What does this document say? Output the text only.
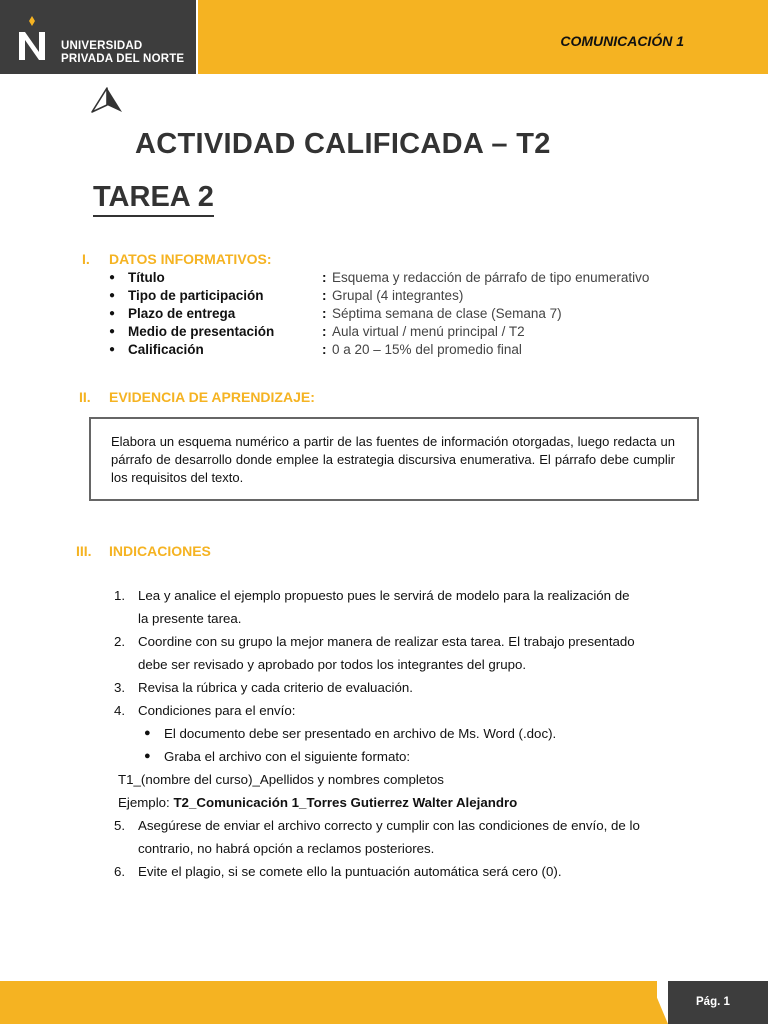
UNIVERSIDAD
PRIVADA DEL NORTE
COMUNICACIÓN 1
ACTIVIDAD CALIFICADA – T2
TAREA 2
I. DATOS INFORMATIVOS:
● Título	: Esquema y redacción de párrafo de tipo enumerativo
● Tipo de participación	: Grupal (4 integrantes)
● Plazo de entrega	: Séptima semana de clase (Semana 7)
● Medio de presentación	: Aula virtual / menú principal / T2
● Calificación	: 0 a 20 – 15% del promedio final
II. EVIDENCIA DE APRENDIZAJE:
Elabora un esquema numérico a partir de las fuentes de información otorgadas, luego redacta un párrafo de desarrollo donde emplee la estrategia discursiva enumerativa. El párrafo debe cumplir los requisitos del texto.
III. INDICACIONES
1. Lea y analice el ejemplo propuesto pues le servirá de modelo para la realización de
la presente tarea.
2. Coordine con su grupo la mejor manera de realizar esta tarea. El trabajo presentado
debe ser revisado y aprobado por todos los integrantes del grupo.
3. Revisa la rúbrica y cada criterio de evaluación.
4. Condiciones para el envío:
● El documento debe ser presentado en archivo de Ms. Word (.doc).
● Graba el archivo con el siguiente formato:
T1_(nombre del curso)_Apellidos y nombres completos
Ejemplo: T2_Comunicación 1_Torres Gutierrez Walter Alejandro
5. Asegúrese de enviar el archivo correcto y cumplir con las condiciones de envío, de lo
contrario, no habrá opción a reclamos posteriores.
6. Evite el plagio, si se comete ello la puntuación automática será cero (0).
Pág. 1
